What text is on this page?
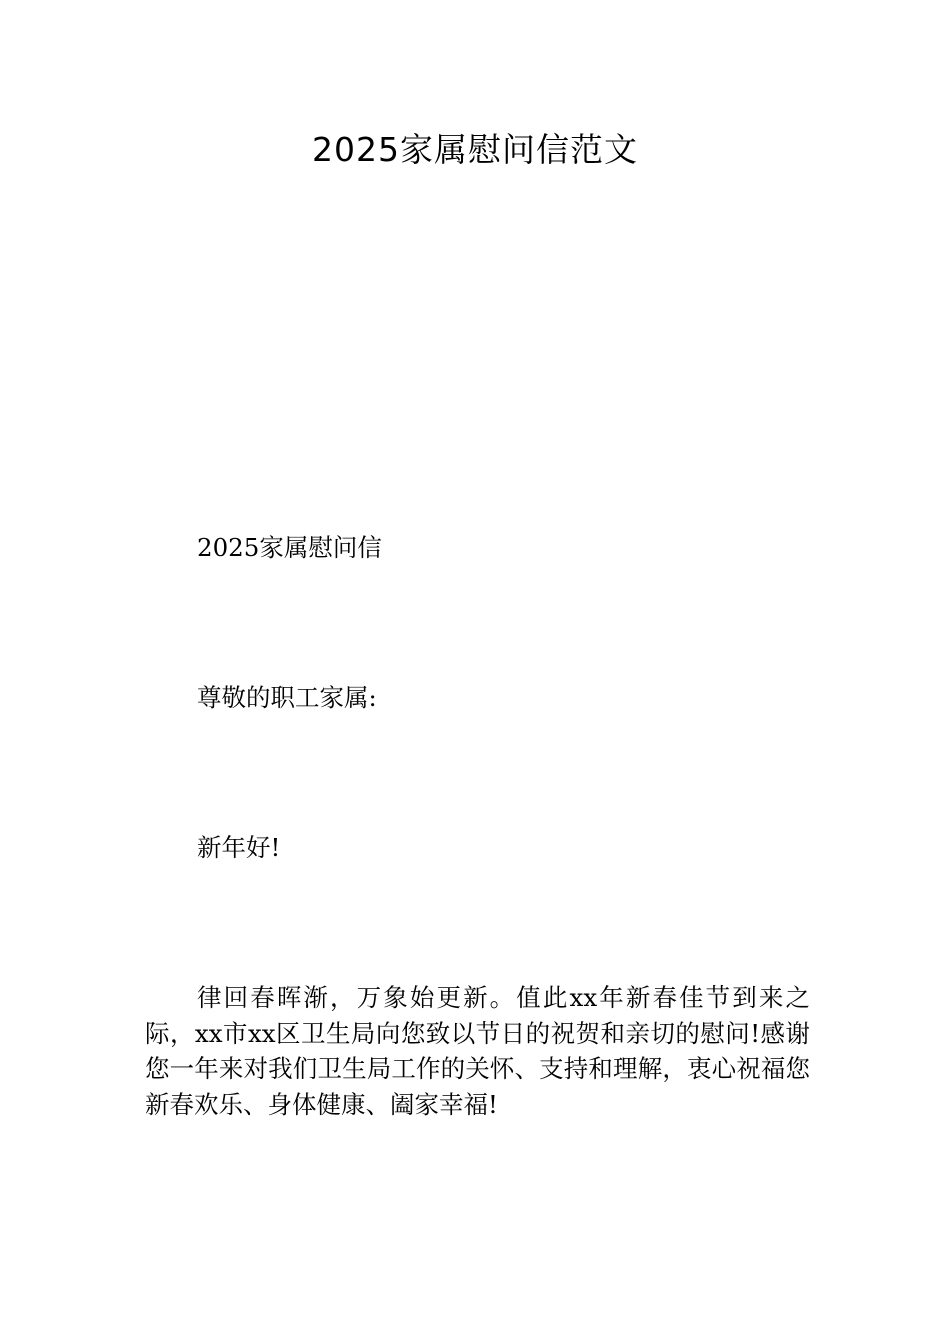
2025家属慰问信范文

2025家属慰问信

尊敬的职工家属:

新年好!

律回春晖渐，万象始更新。值此xx年新春佳节到来之际，xx市xx区卫生局向您致以节日的祝贺和亲切的慰问!感谢您一年来对我们卫生局工作的关怀、支持和理解，衷心祝福您新春欢乐、身体健康、阖家幸福!
